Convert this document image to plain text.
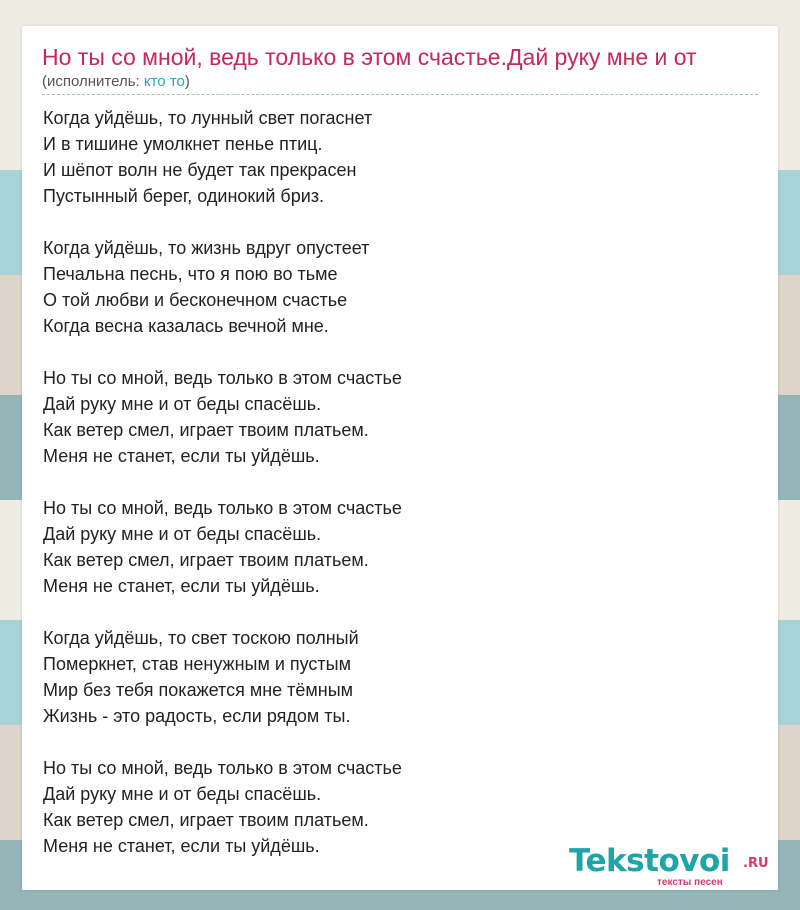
Но ты со мной, ведь только в этом счастье.Дай руку мне и от
(исполнитель: кто то)
Когда уйдёшь, то лунный свет погаснет
И в тишине умолкнет пенье птиц.
И шёпот волн не будет так прекрасен
Пустынный берег, одинокий бриз.
Когда уйдёшь, то жизнь вдруг опустеет
Печальна песнь, что я пою во тьме
О той любви и бесконечном счастье
Когда весна казалась вечной мне.
Но ты со мной, ведь только в этом счастье
Дай руку мне и от беды спасёшь.
Как ветер смел, играет твоим платьем.
Меня не станет, если ты уйдёшь.
Но ты со мной, ведь только в этом счастье
Дай руку мне и от беды спасёшь.
Как ветер смел, играет твоим платьем.
Меня не станет, если ты уйдёшь.
Когда уйдёшь, то свет тоскою полный
Померкнет, став ненужным и пустым
Мир без тебя покажется мне тёмным
Жизнь - это радость, если рядом ты.
Но ты со мной, ведь только в этом счастье
Дай руку мне и от беды спасёшь.
Как ветер смел, играет твоим платьем.
Меня не станет, если ты уйдёшь.	Tekstovoi .RU
тексты песен
